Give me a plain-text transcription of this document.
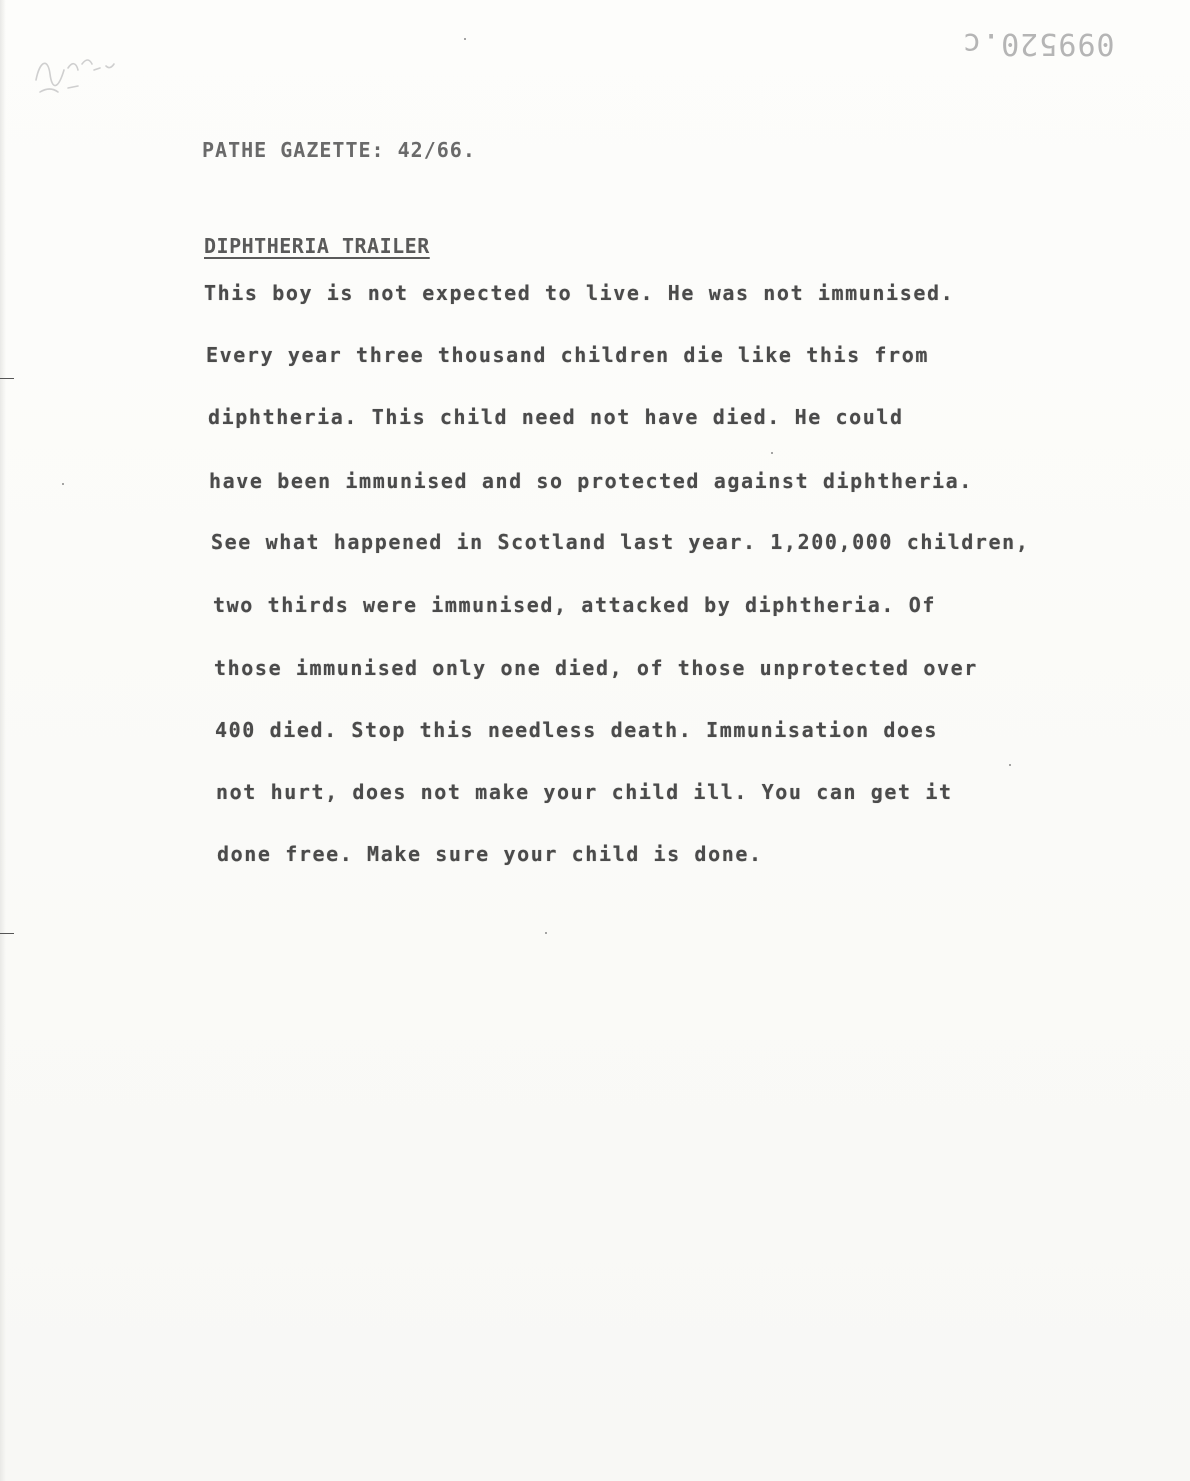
099520.c
PATHE GAZETTE: 42/66.
DIPHTHERIA TRAILER
This boy is not expected to live. He was not immunised.
Every year three thousand children die like this from
diphtheria. This child need not have died. He could
have been immunised and so protected against diphtheria.
See what happened in Scotland last year. 1,200,000 children,
two thirds were immunised, attacked by diphtheria. Of
those immunised only one died, of those unprotected over
400 died. Stop this needless death. Immunisation does
not hurt, does not make your child ill. You can get it
done free. Make sure your child is done.
